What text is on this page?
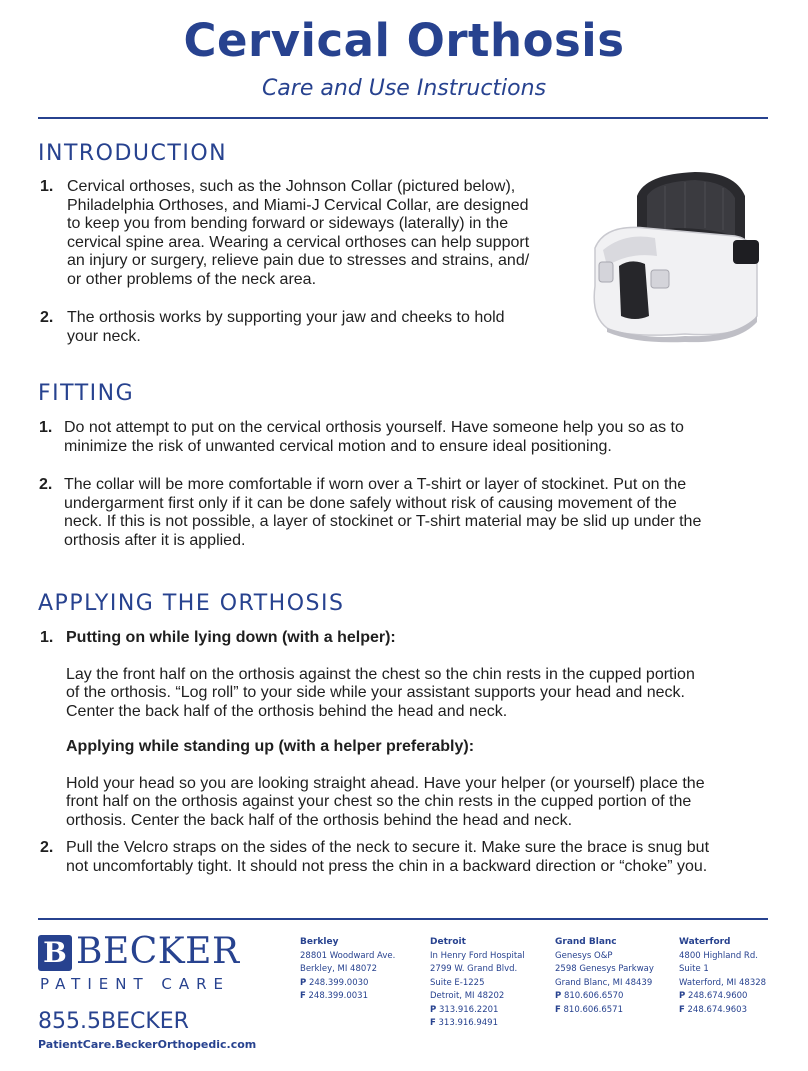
Cervical Orthosis
Care and Use Instructions
INTRODUCTION
1. Cervical orthoses, such as the Johnson Collar (pictured below),
Philadelphia Orthoses, and Miami-J Cervical Collar, are designed
to keep you from bending forward or sideways (laterally) in the
cervical spine area. Wearing a cervical orthoses can help support
an injury or surgery, relieve pain due to stresses and strains, and/
or other problems of the neck area.
2. The orthosis works by supporting your jaw and cheeks to hold
your neck.
FITTING
1. Do not attempt to put on the cervical orthosis yourself. Have someone help you so as to
minimize the risk of unwanted cervical motion and to ensure ideal positioning.
2. The collar will be more comfortable if worn over a T-shirt or layer of stockinet. Put on the
undergarment first only if it can be done safely without risk of causing movement of the
neck. If this is not possible, a layer of stockinet or T-shirt material may be slid up under the
orthosis after it is applied.
APPLYING THE ORTHOSIS
1. Putting on while lying down (with a helper):
Lay the front half on the orthosis against the chest so the chin rests in the cupped portion
of the orthosis. “Log roll” to your side while your assistant supports your head and neck.
Center the back half of the orthosis behind the head and neck.
Applying while standing up (with a helper preferably):
Hold your head so you are looking straight ahead. Have your helper (or yourself) place the
front half on the orthosis against your chest so the chin rests in the cupped portion of the
orthosis. Center the back half of the orthosis behind the head and neck.
2. Pull the Velcro straps on the sides of the neck to secure it. Make sure the brace is snug but
not uncomfortably tight. It should not press the chin in a backward direction or “choke” you.
B BECKER
PATIENT CARE
855.5BECKER
PatientCare.BeckerOrthopedic.com
Berkley
28801 Woodward Ave.
Berkley, MI 48072
P 248.399.0030
F 248.399.0031
Detroit
In Henry Ford Hospital
2799 W. Grand Blvd.
Suite E-1225
Detroit, MI 48202
P 313.916.2201
F 313.916.9491
Grand Blanc
Genesys O&P
2598 Genesys Parkway
Grand Blanc, MI 48439
P 810.606.6570
F 810.606.6571
Waterford
4800 Highland Rd.
Suite 1
Waterford, MI 48328
P 248.674.9600
F 248.674.9603
